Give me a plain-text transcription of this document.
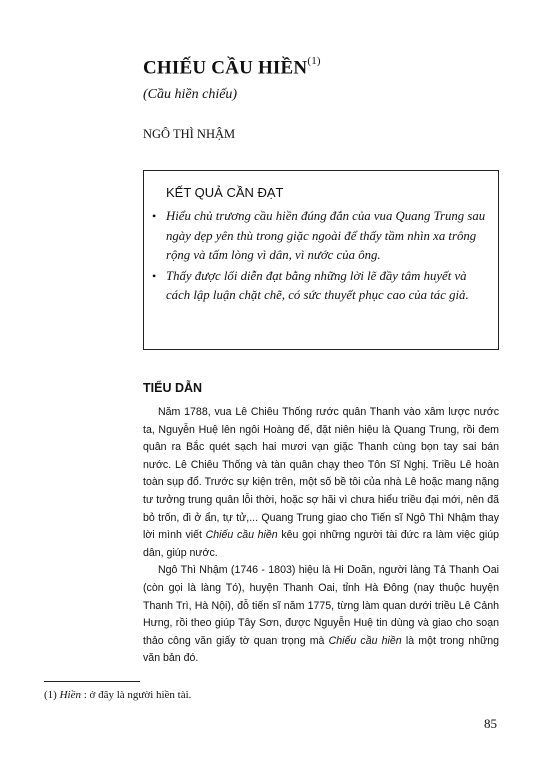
CHIẾU CẦU HIỀN$^{(1)}$
(Cầu hiền chiếu)
NGÔ THÌ NHẬM
KẾT QUẢ CẦN ĐẠT
• Hiểu chủ trương cầu hiền đúng đắn của vua Quang Trung sau ngày dẹp yên thù trong giặc ngoài để thấy tầm nhìn xa trông rộng và tấm lòng vì dân, vì nước của ông.
• Thấy được lối diễn đạt bằng những lời lẽ đầy tâm huyết và cách lập luận chặt chẽ, có sức thuyết phục cao của tác giả.
TIỂU DẪN

Năm 1788, vua Lê Chiêu Thống rước quân Thanh vào xâm lược nước ta, Nguyễn Huệ lên ngôi Hoàng đế, đặt niên hiệu là Quang Trung, rồi đem quân ra Bắc quét sạch hai mươi vạn giặc Thanh cùng bọn tay sai bán nước. Lê Chiêu Thống và tàn quân chạy theo Tôn Sĩ Nghị. Triều Lê hoàn toàn sụp đổ. Trước sự kiện trên, một số bề tôi của nhà Lê hoặc mang nặng tư tưởng trung quân lỗi thời, hoặc sợ hãi vì chưa hiểu triều đại mới, nên đã bỏ trốn, đi ở ẩn, tự tử,... Quang Trung giao cho Tiến sĩ Ngô Thì Nhậm thay lời mình viết Chiếu cầu hiền kêu gọi những người tài đức ra làm việc giúp dân, giúp nước.

Ngô Thì Nhậm (1746 - 1803) hiệu là Hi Doãn, người làng Tả Thanh Oai (còn gọi là làng Tó), huyện Thanh Oai, tỉnh Hà Đông (nay thuộc huyện Thanh Trì, Hà Nội), đỗ tiến sĩ năm 1775, từng làm quan dưới triều Lê Cảnh Hưng, rồi theo giúp Tây Sơn, được Nguyễn Huệ tin dùng và giao cho soạn thảo công văn giấy tờ quan trọng mà Chiếu cầu hiền là một trong những văn bản đó.

(1) Hiền : ở đây là người hiền tài.
85
